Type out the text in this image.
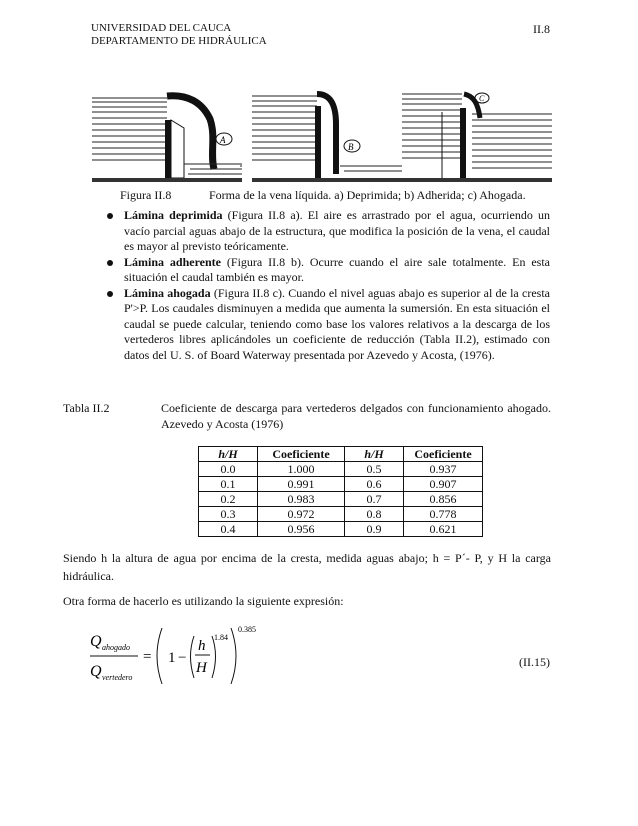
UNIVERSIDAD DEL CAUCA
DEPARTAMENTO DE HIDRÁULICA
II.8
A
B
C
Figura II.8	Forma de la vena líquida. a) Deprimida; b) Adherida; c) Ahogada.
Lámina deprimida (Figura II.8 a). El aire es arrastrado por el agua, ocurriendo un vacío parcial aguas abajo de la estructura, que modifica la posición de la vena, el caudal es mayor al previsto teóricamente.
Lámina adherente (Figura II.8 b). Ocurre cuando el aire sale totalmente. En esta situación el caudal también es mayor.
Lámina ahogada (Figura II.8 c). Cuando el nivel aguas abajo es superior al de la cresta P'>P. Los caudales disminuyen a medida que aumenta la sumersión. En esta situación el caudal se puede calcular, teniendo como base los valores relativos a la descarga de los vertederos libres aplicándoles un coeficiente de reducción (Tabla II.2), estimado con datos del U. S. of Board Waterway presentada por Azevedo y Acosta, (1976).
Tabla II.2	Coeficiente de descarga para vertederos delgados con funcionamiento ahogado. Azevedo y Acosta (1976)
h/H	Coeficiente	h/H	Coeficiente
0.0	1.000	0.5	0.937
0.1	0.991	0.6	0.907
0.2	0.983	0.7	0.856
0.3	0.972	0.8	0.778
0.4	0.956	0.9	0.621
Siendo h la altura de agua por encima de la cresta, medida aguas abajo; h = P´- P, y H la carga hidráulica.
Otra forma de hacerlo es utilizando la siguiente expresión:
Q ahogado
Q vertedero
= 1 −
h
H
1.84
0.385
(II.15)
